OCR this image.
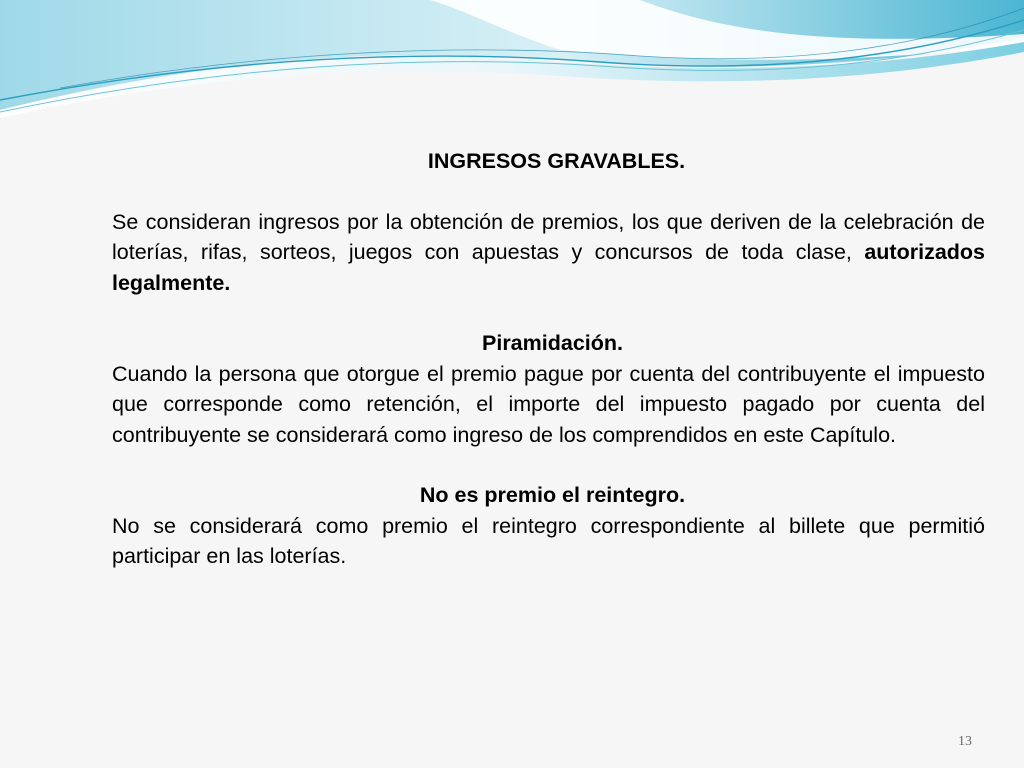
INGRESOS GRAVABLES.

Se consideran ingresos por la obtención de premios, los que deriven de la celebración de loterías, rifas, sorteos, juegos con apuestas y concursos de toda clase, autorizados legalmente.

Piramidación.

Cuando la persona que otorgue el premio pague por cuenta del contribuyente el impuesto que corresponde como retención, el importe del impuesto pagado por cuenta del contribuyente se considerará como ingreso de los comprendidos en este Capítulo.

No es premio el reintegro.

No se considerará como premio el reintegro correspondiente al billete que permitió participar en las loterías.

13
